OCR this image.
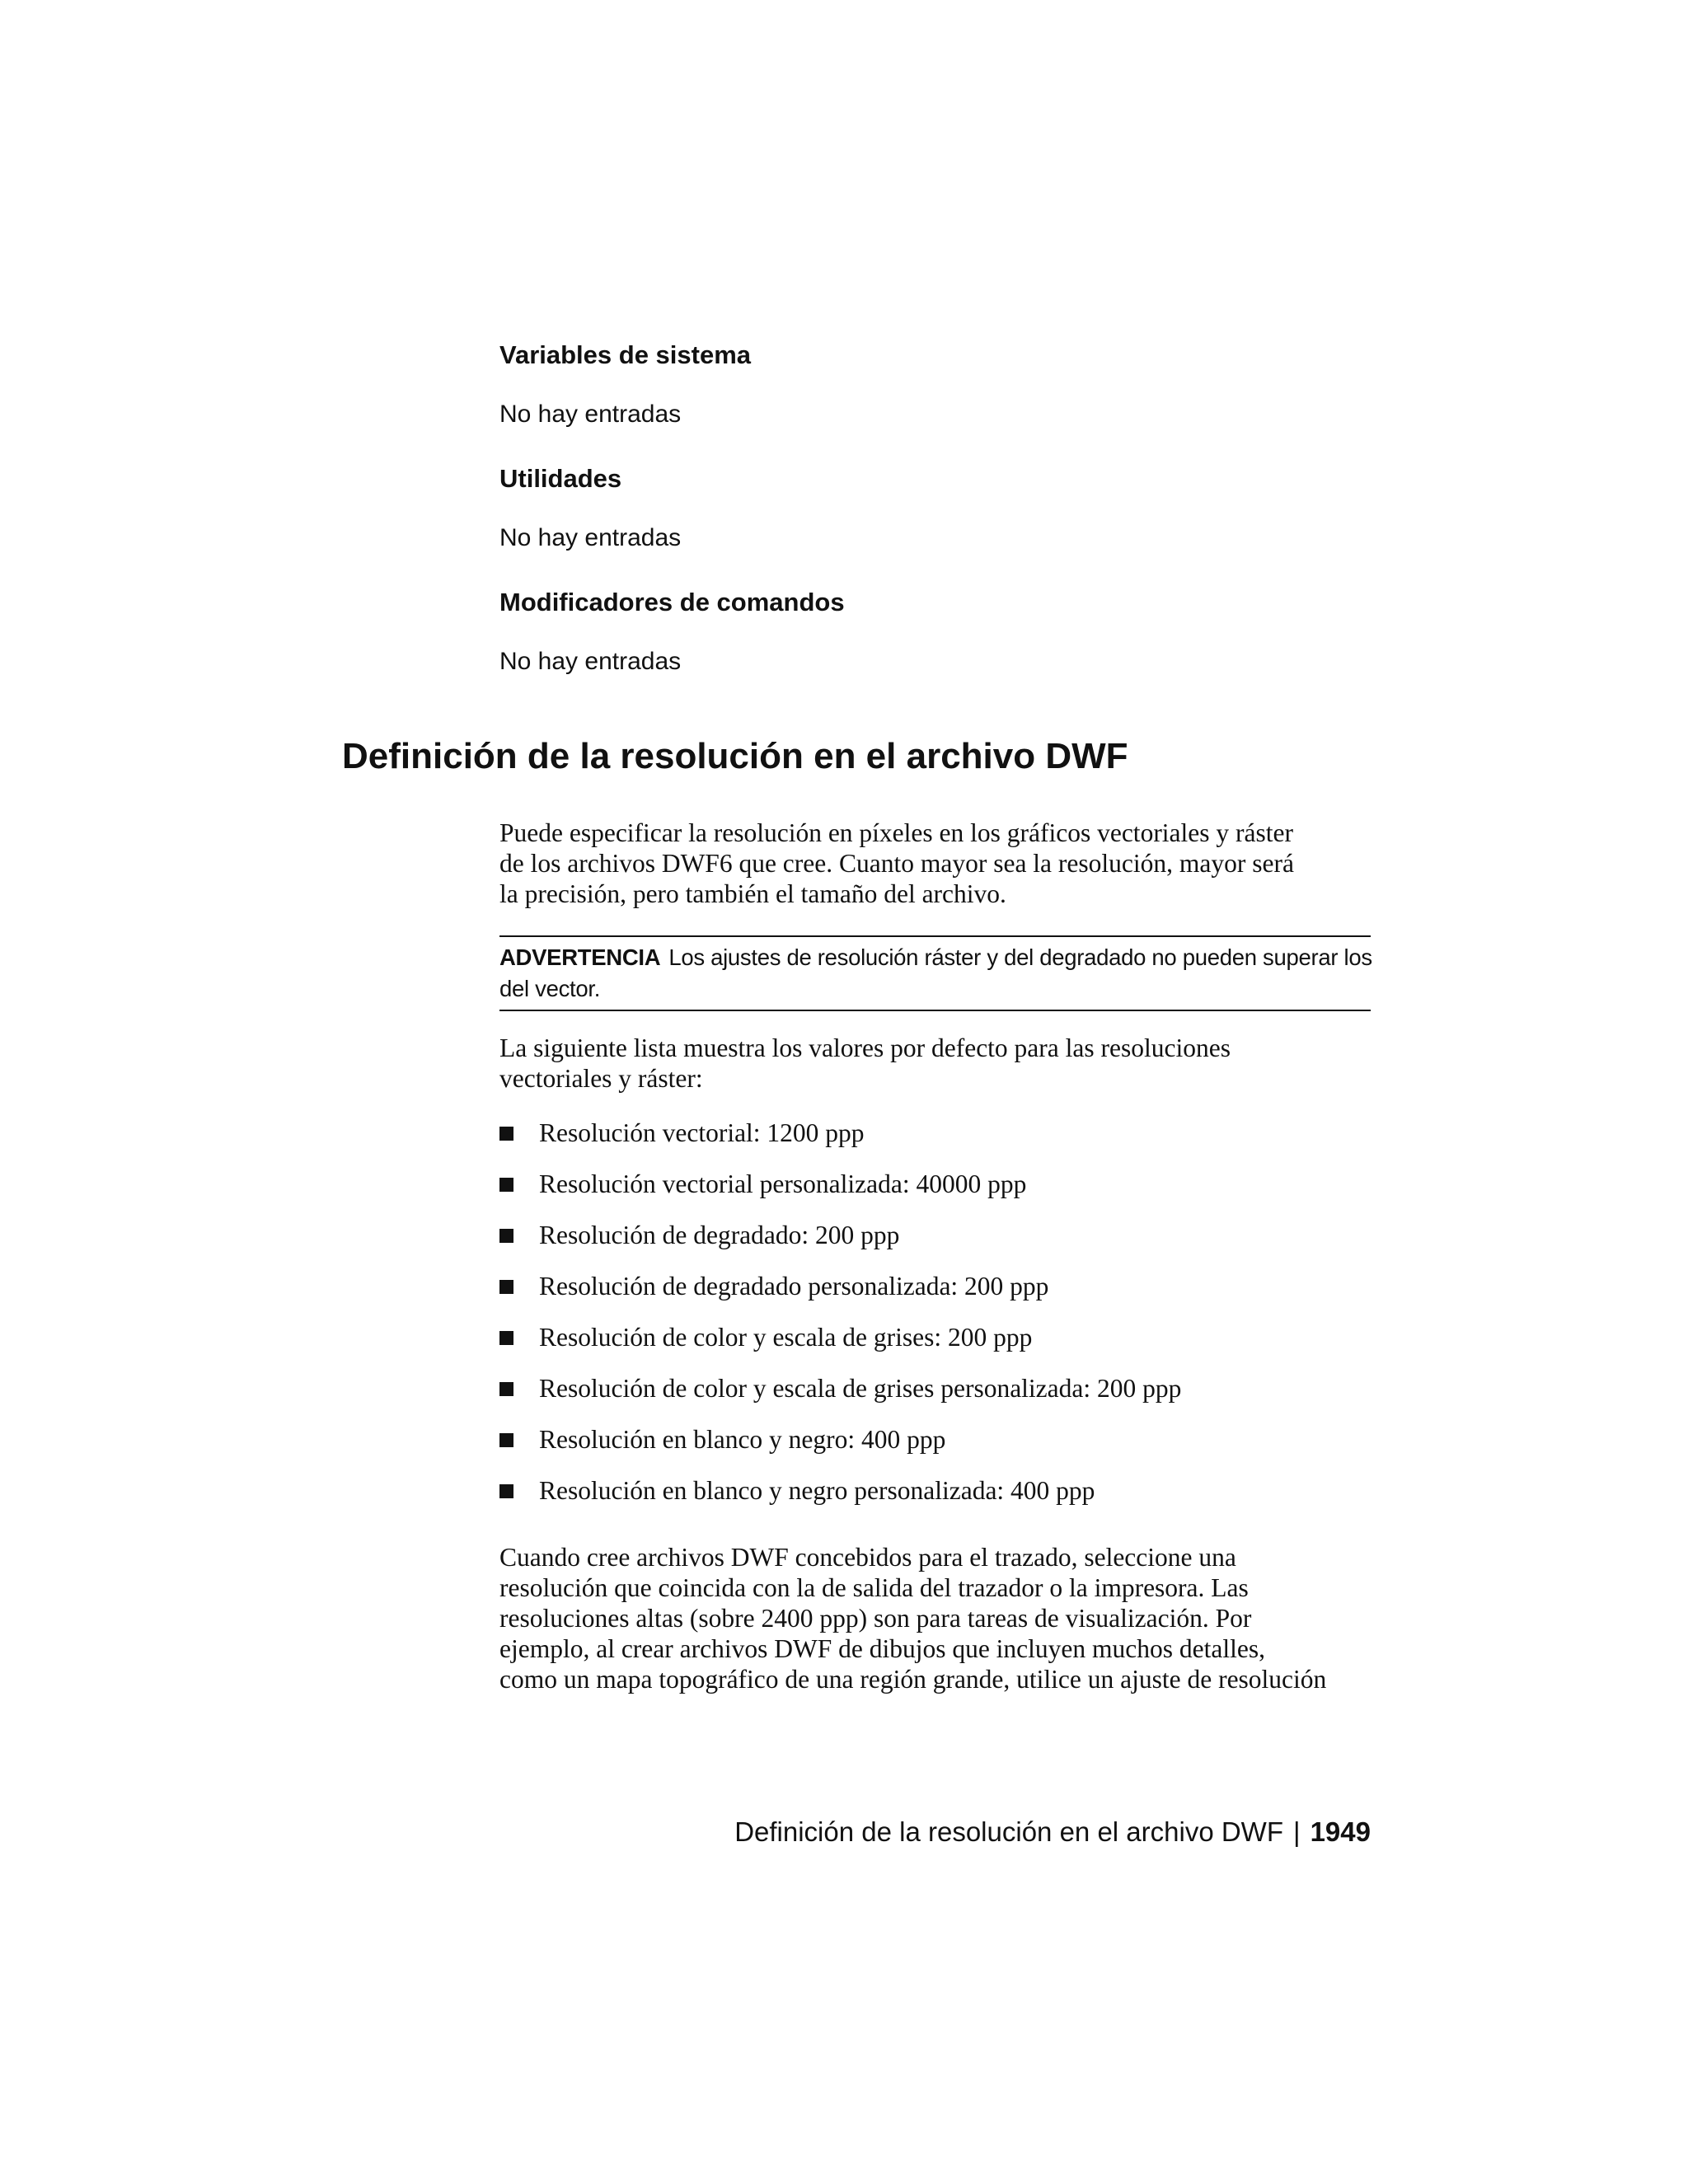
Variables de sistema

No hay entradas

Utilidades

No hay entradas

Modificadores de comandos

No hay entradas

Definición de la resolución en el archivo DWF
Puede especificar la resolución en píxeles en los gráficos vectoriales y ráster
de los archivos DWF6 que cree. Cuanto mayor sea la resolución, mayor será
la precisión, pero también el tamaño del archivo.

ADVERTENCIA Los ajustes de resolución ráster y del degradado no pueden superar los del vector.

La siguiente lista muestra los valores por defecto para las resoluciones
vectoriales y ráster:
Resolución vectorial: 1200 ppp
Resolución vectorial personalizada: 40000 ppp
Resolución de degradado: 200 ppp
Resolución de degradado personalizada: 200 ppp
Resolución de color y escala de grises: 200 ppp
Resolución de color y escala de grises personalizada: 200 ppp
Resolución en blanco y negro: 400 ppp
Resolución en blanco y negro personalizada: 400 ppp
Cuando cree archivos DWF concebidos para el trazado, seleccione una
resolución que coincida con la de salida del trazador o la impresora. Las
resoluciones altas (sobre 2400 ppp) son para tareas de visualización. Por
ejemplo, al crear archivos DWF de dibujos que incluyen muchos detalles,
como un mapa topográfico de una región grande, utilice un ajuste de resolución

Definición de la resolución en el archivo DWF | 1949
